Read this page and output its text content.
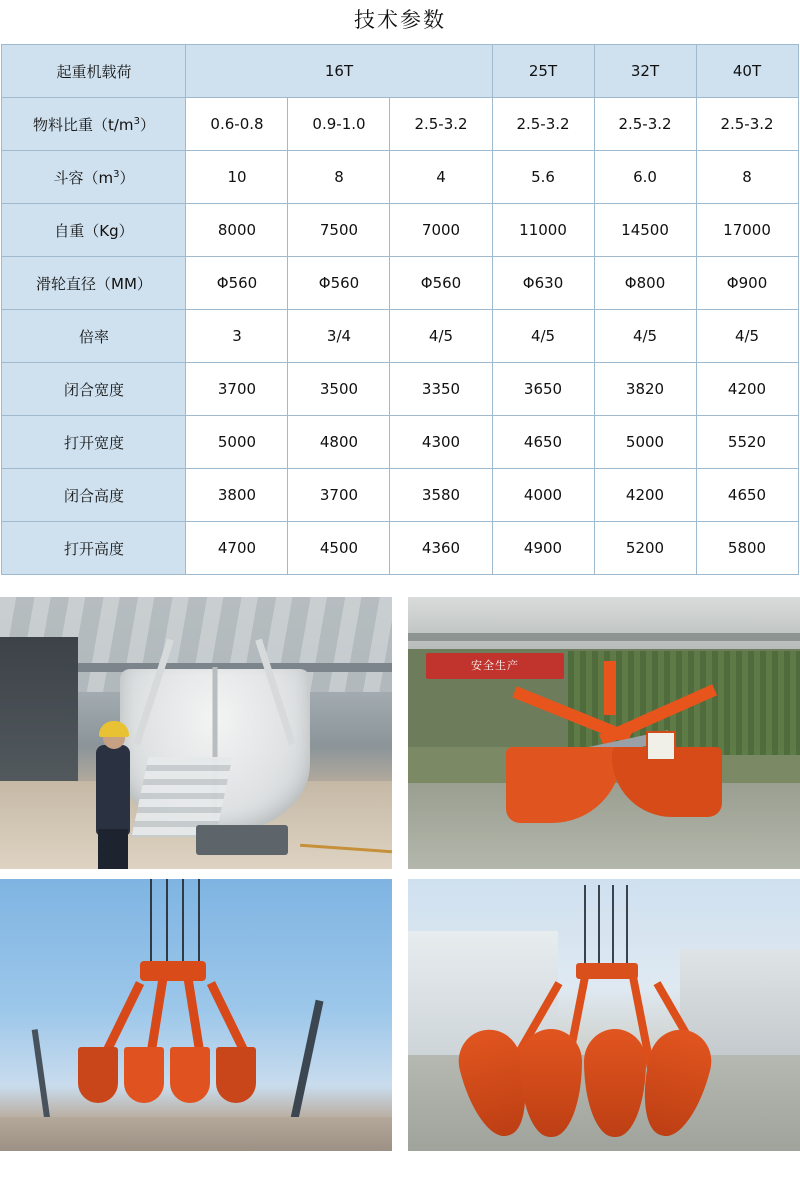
技术参数
起重机载荷	16T			25T	32T	40T
物料比重$(t/m^3)$	0.6-0.8	0.9-1.0	2.5-3.2	2.5-3.2	2.5-3.2	2.5-3.2
斗容$(m^3)$	10	8	4	5.6	6.0	8
自重（Kg）	8000	7500	7000	11000	14500	17000
滑轮直径（MM）	Φ560	Φ560	Φ560	Φ630	Φ800	Φ900
倍率	3	3/4	4/5	4/5	4/5	4/5
闭合宽度	3700	3500	3350	3650	3820	4200
打开宽度	5000	4800	4300	4650	5000	5520
闭合高度	3800	3700	3580	4000	4200	4650
打开高度	4700	4500	4360	4900	5200	5800
安全生产
